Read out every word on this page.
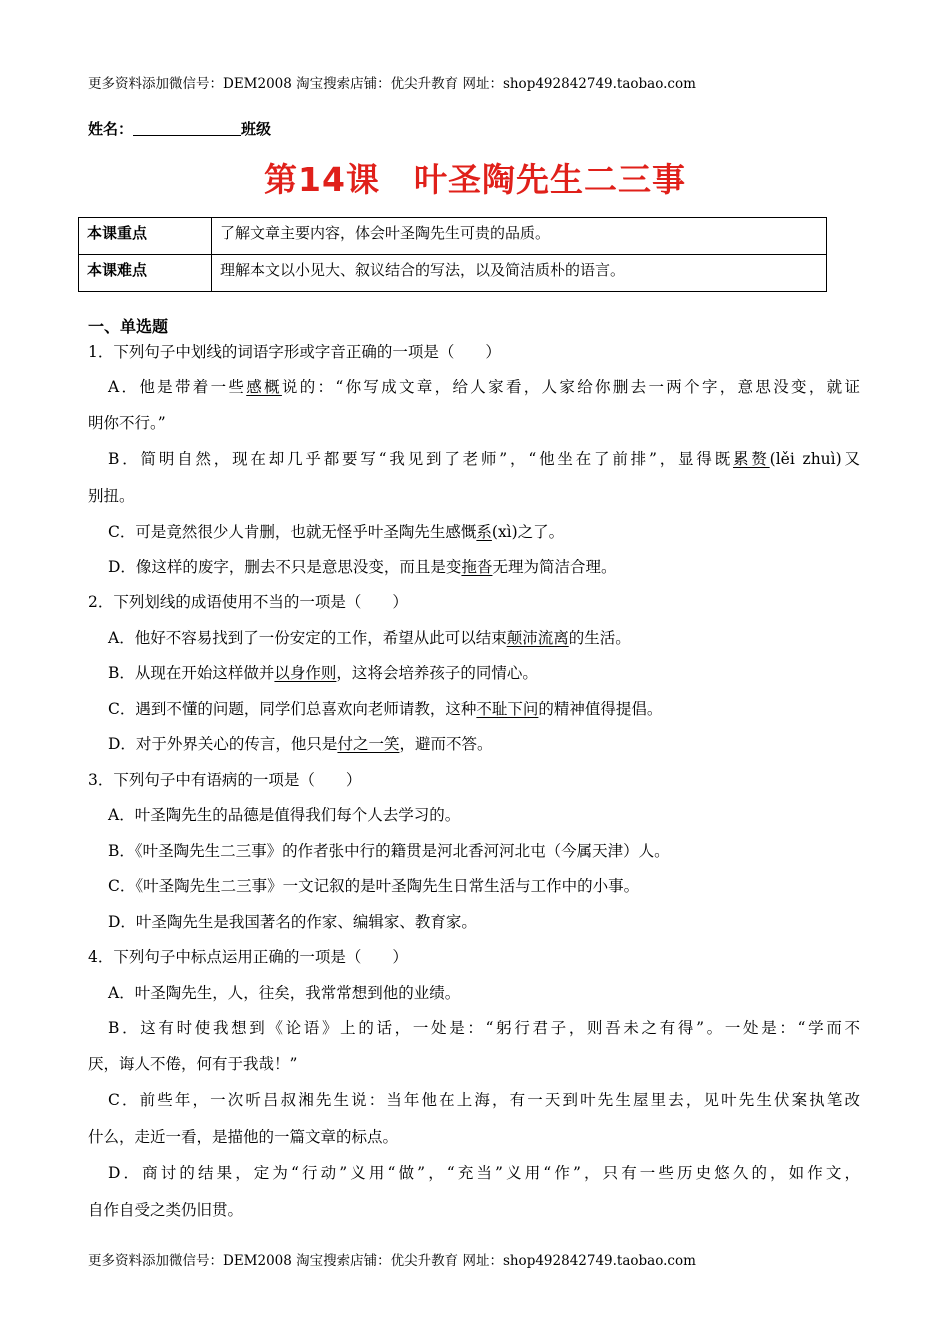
更多资料添加微信号：DEM2008 淘宝搜索店铺：优尖升教育 网址：shop492842749.taobao.com
姓名：	班级
第14课　叶圣陶先生二三事
本课重点	了解文章主要内容，体会叶圣陶先生可贵的品质。
本课难点	理解本文以小见大、叙议结合的写法，以及简洁质朴的语言。
一、单选题
1．下列句子中划线的词语字形或字音正确的一项是（　　）
A．他是带着一些感概说的：“你写成文章，给人家看，人家给你删去一两个字，意思没变，就证
明你不行。”
B．简明自然，现在却几乎都要写“我见到了老师”，“他坐在了前排”，显得既累赘(lěi zhuì)又
别扭。
C．可是竟然很少人肯删，也就无怪乎叶圣陶先生感慨系(xì)之了。
D．像这样的废字，删去不只是意思没变，而且是变拖沓无理为简洁合理。
2．下列划线的成语使用不当的一项是（　　）
A．他好不容易找到了一份安定的工作，希望从此可以结束颠沛流离的生活。
B．从现在开始这样做并以身作则，这将会培养孩子的同情心。
C．遇到不懂的问题，同学们总喜欢向老师请教，这种不耻下问的精神值得提倡。
D．对于外界关心的传言，他只是付之一笑，避而不答。
3．下列句子中有语病的一项是（　　）
A．叶圣陶先生的品德是值得我们每个人去学习的。
B．《叶圣陶先生二三事》的作者张中行的籍贯是河北香河河北屯（今属天津）人。
C．《叶圣陶先生二三事》一文记叙的是叶圣陶先生日常生活与工作中的小事。
D．叶圣陶先生是我国著名的作家、编辑家、教育家。
4．下列句子中标点运用正确的一项是（　　）
A．叶圣陶先生，人，往矣，我常常想到他的业绩。
B．这有时使我想到《论语》上的话，一处是：“躬行君子，则吾未之有得”。一处是：“学而不
厌，诲人不倦，何有于我哉！”
C．前些年，一次听吕叔湘先生说：当年他在上海，有一天到叶先生屋里去，见叶先生伏案执笔改
什么，走近一看，是描他的一篇文章的标点。
D．商讨的结果，定为“行动”义用“做”，“充当”义用“作”，只有一些历史悠久的，如作文，
自作自受之类仍旧贯。
更多资料添加微信号：DEM2008 淘宝搜索店铺：优尖升教育 网址：shop492842749.taobao.com
